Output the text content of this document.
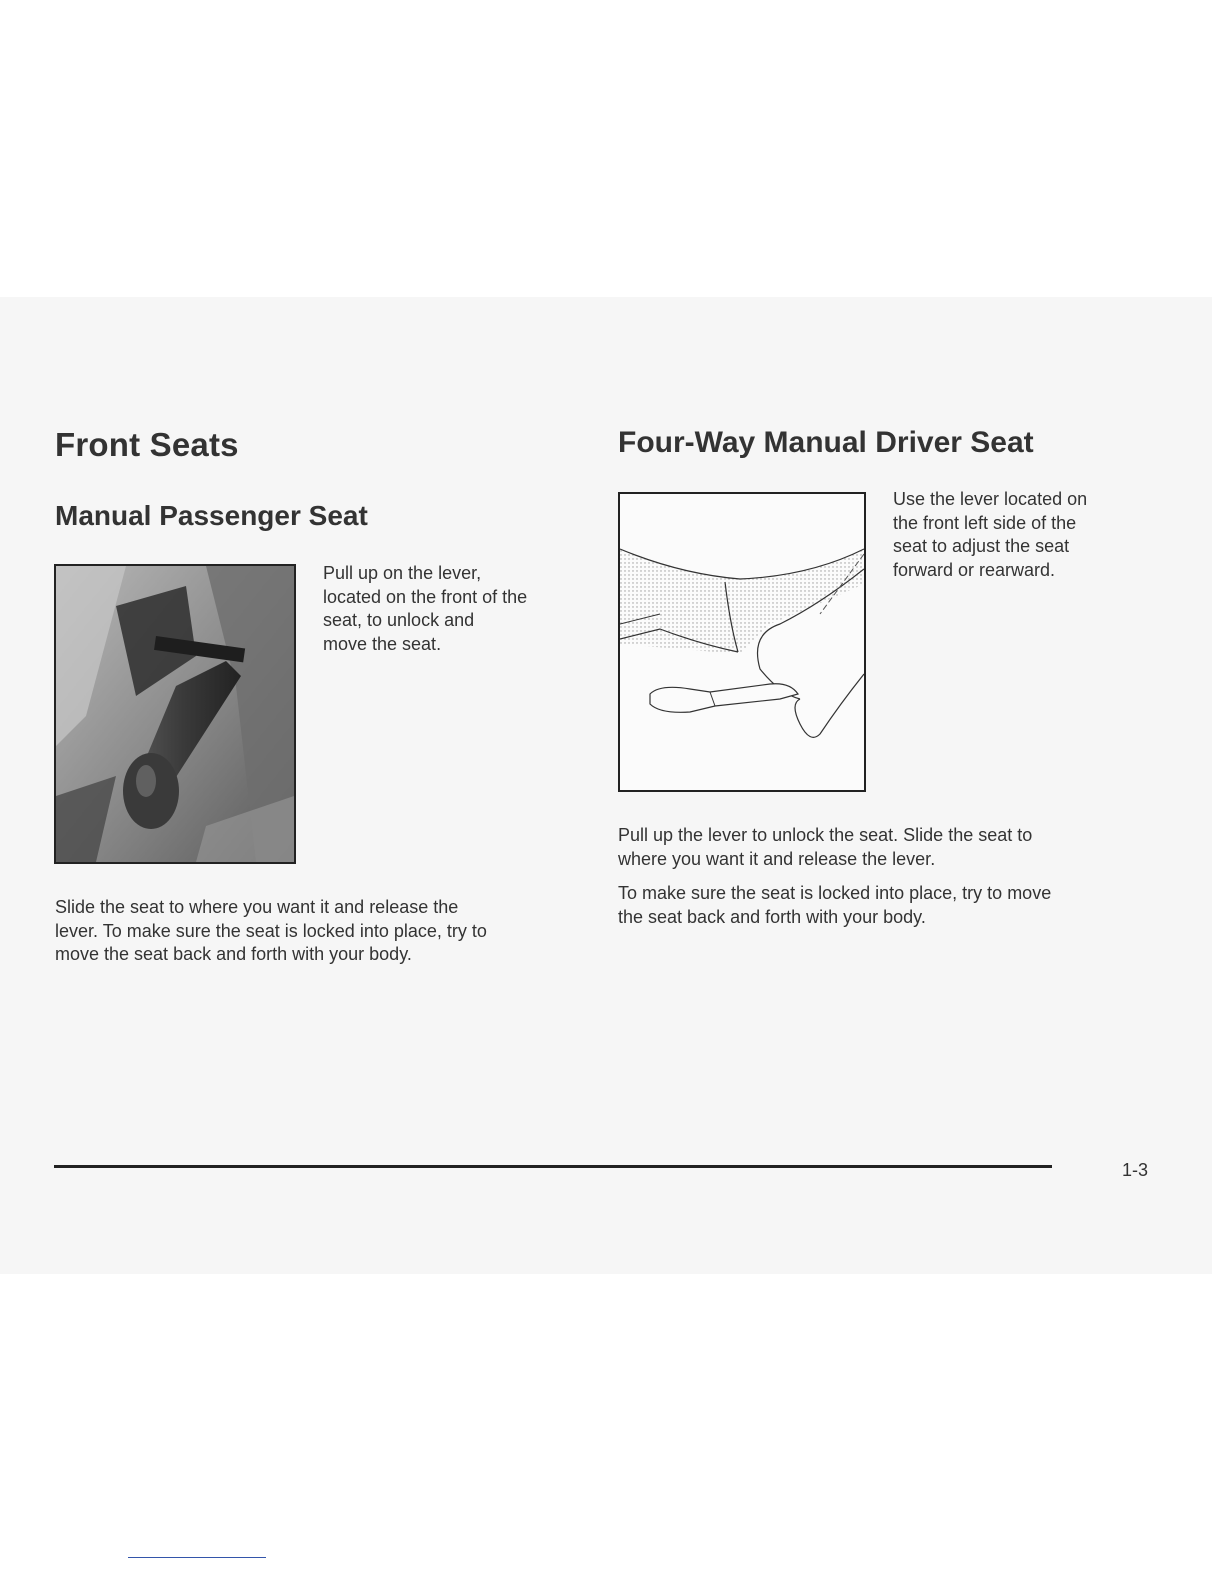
Front Seats
Manual Passenger Seat
Pull up on the lever,
located on the front of the
seat, to unlock and
move the seat.
Slide the seat to where you want it and release the
lever. To make sure the seat is locked into place, try to
move the seat back and forth with your body.
Four-Way Manual Driver Seat
Use the lever located on
the front left side of the
seat to adjust the seat
forward or rearward.
Pull up the lever to unlock the seat. Slide the seat to
where you want it and release the lever.
To make sure the seat is locked into place, try to move
the seat back and forth with your body.
1-3
